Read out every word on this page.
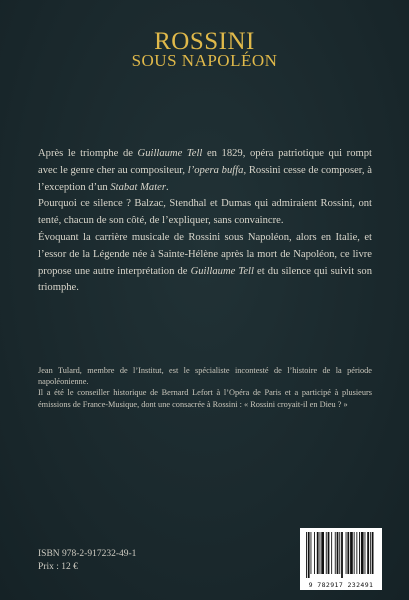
ROSSINI
SOUS NAPOLÉON

Après le triomphe de Guillaume Tell en 1829, opéra patriotique qui rompt avec le genre cher au compositeur, l’opera buffa, Rossini cesse de composer, à l’exception d’un Stabat Mater.

Pourquoi ce silence ? Balzac, Stendhal et Dumas qui admiraient Rossini, ont tenté, chacun de son côté, de l’expliquer, sans convaincre.

Évoquant la carrière musicale de Rossini sous Napoléon, alors en Italie, et l’essor de la Légende née à Sainte-Hélène après la mort de Napoléon, ce livre propose une autre interprétation de Guillaume Tell et du silence qui suivit son triomphe.

Jean Tulard, membre de l’Institut, est le spécialiste incontesté de l’histoire de la période napoléonienne.

Il a été le conseiller historique de Bernard Lefort à l’Opéra de Paris et a participé à plusieurs émissions de France-Musique, dont une consacrée à Rossini : « Rossini croyait-il en Dieu ? »

ISBN 978-2-917232-49-1
Prix : 12 €
9 782917 232491
